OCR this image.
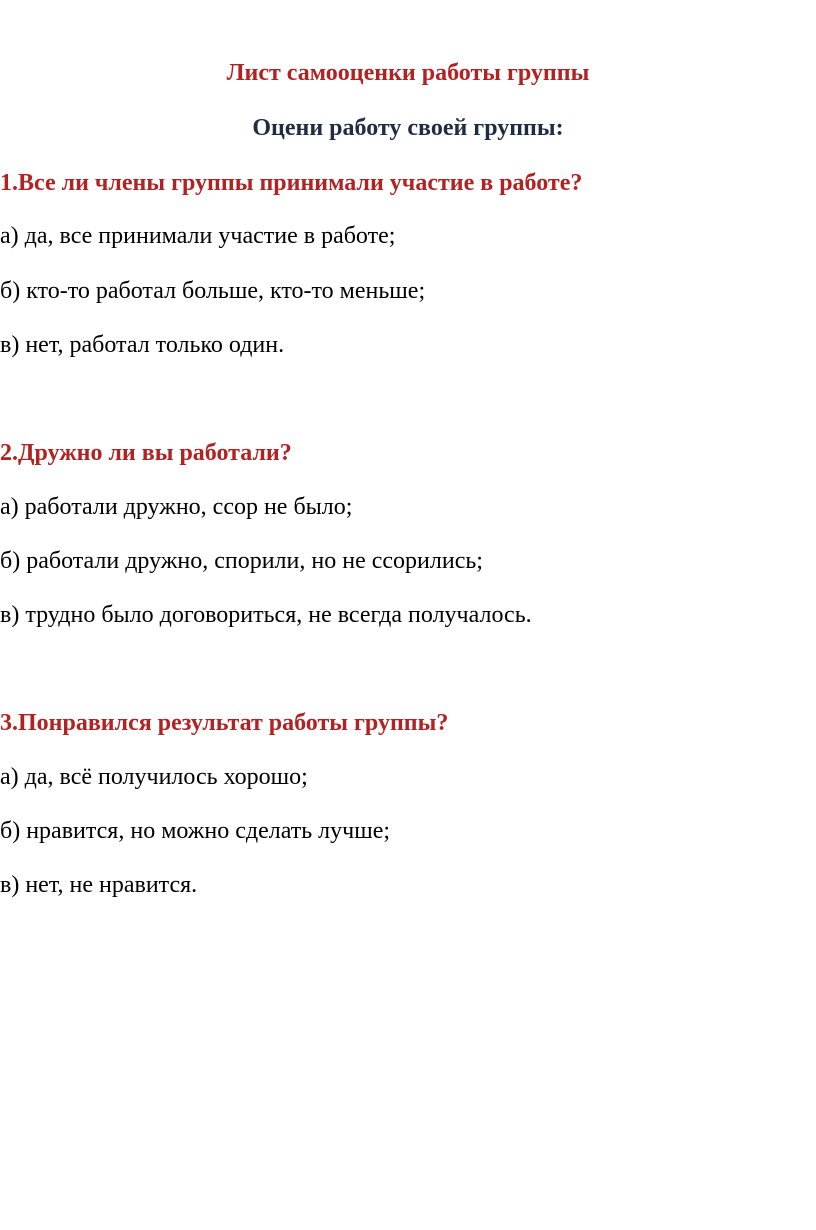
Лист самооценки работы группы
Оцени работу своей группы:

1.Все ли члены группы принимали участие в работе?

а) да, все принимали участие в работе;

б) кто-то работал больше, кто-то меньше;

в) нет, работал только один.

2.Дружно ли вы работали?

а) работали дружно, ссор не было;

б) работали дружно, спорили, но не ссорились;

в) трудно было договориться, не всегда получалось.

3.Понравился результат работы группы?

а) да, всё получилось хорошо;

б) нравится, но можно сделать лучше;

в) нет, не нравится.
